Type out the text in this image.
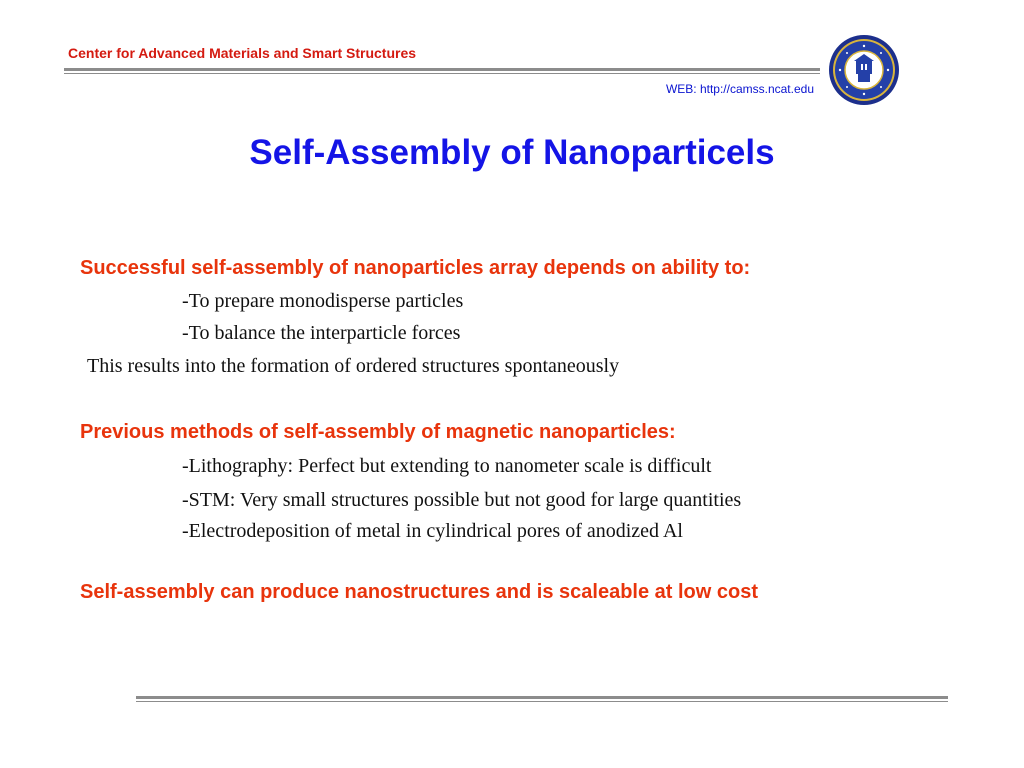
Center for Advanced Materials and Smart Structures
WEB: http://camss.ncat.edu
Self-Assembly of Nanoparticels
Successful self-assembly of nanoparticles array depends on ability to:
-To prepare monodisperse particles
-To balance the interparticle forces
This results into the formation of ordered structures spontaneously
Previous methods of self-assembly of magnetic nanoparticles:
-Lithography: Perfect but extending to nanometer scale is difficult
-STM: Very small structures possible but not good for large quantities
-Electrodeposition of metal in cylindrical pores of anodized Al
Self-assembly can produce nanostructures and is scaleable at low cost
